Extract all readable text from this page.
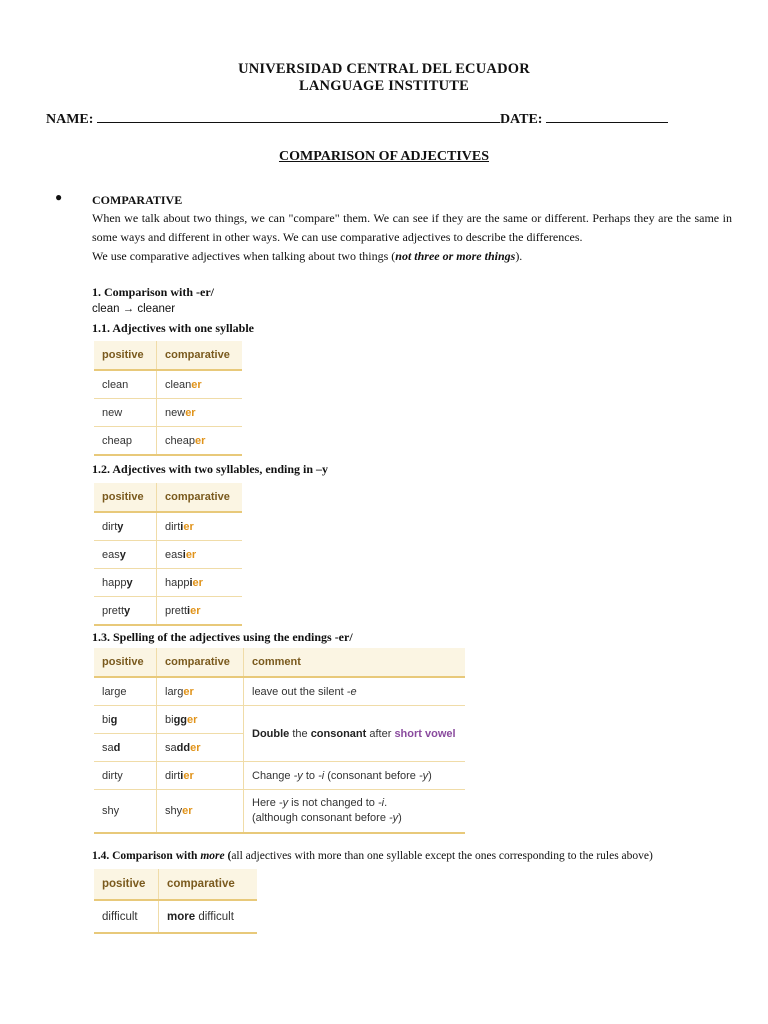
UNIVERSIDAD CENTRAL DEL ECUADOR
LANGUAGE INSTITUTE
NAME:	DATE:
COMPARISON OF ADJECTIVES
● COMPARATIVE
When we talk about two things, we can "compare" them. We can see if they are the same or different. Perhaps they are the same in some ways and different in other ways. We can use comparative adjectives to describe the differences.
We use comparative adjectives when talking about two things (not three or more things).
1. Comparison with -er/
clean → cleaner
1.1. Adjectives with one syllable
positive	comparative
clean	cleaner
new	newer
cheap	cheaper
1.2. Adjectives with two syllables, ending in –y
positive	comparative
dirty	dirtier
easy	easier
happy	happier
pretty	prettier
1.3. Spelling of the adjectives using the endings -er/
positive	comparative	comment
large	larger	leave out the silent -e
big	bigger	Double the consonant after short vowel
sad	sadder	
dirty	dirtier	Change -y to -i (consonant before -y)
shy	shyer	Here -y is not changed to -i.
(although consonant before -y)
1.4. Comparison with more (all adjectives with more than one syllable except the ones corresponding to the rules above)
positive	comparative
difficult	more difficult
